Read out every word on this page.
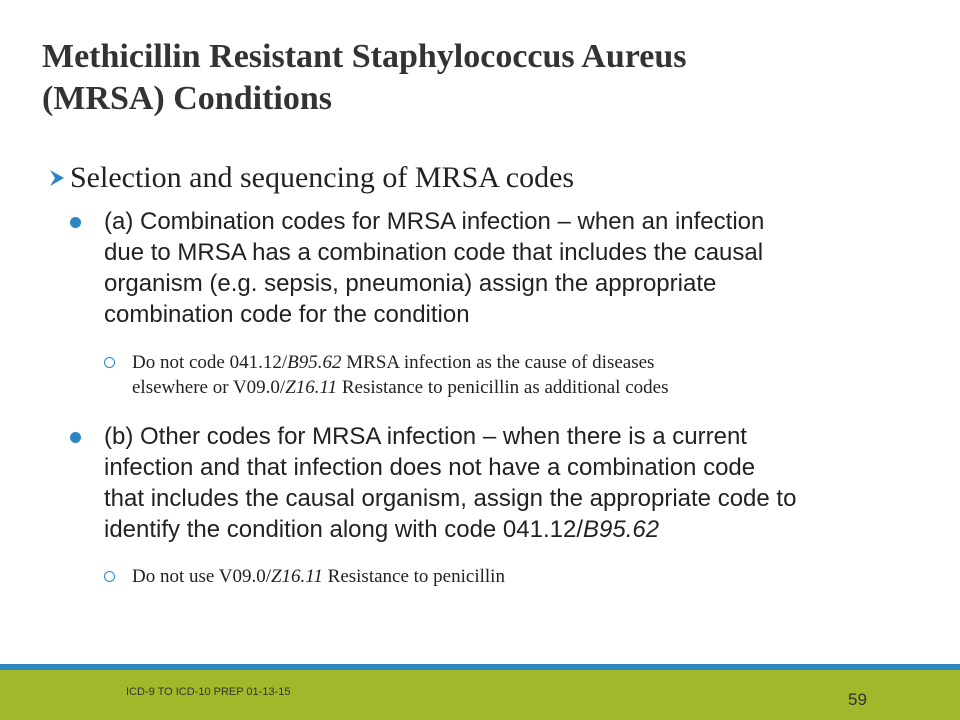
Methicillin Resistant Staphylococcus Aureus
(MRSA) Conditions
Selection and sequencing of MRSA codes
(a) Combination codes for MRSA infection – when an infection
due to MRSA has a combination code that includes the causal
organism (e.g. sepsis, pneumonia) assign the appropriate
combination code for the condition
Do not code 041.12/B95.62 MRSA infection as the cause of diseases
elsewhere or V09.0/Z16.11 Resistance to penicillin as additional codes
(b) Other codes for MRSA infection – when there is a current
infection and that infection does not have a combination code
that includes the causal organism, assign the appropriate code to
identify the condition along with code 041.12/B95.62
Do not use V09.0/Z16.11 Resistance to penicillin
ICD-9 TO ICD-10 PREP 01-13-15	59
